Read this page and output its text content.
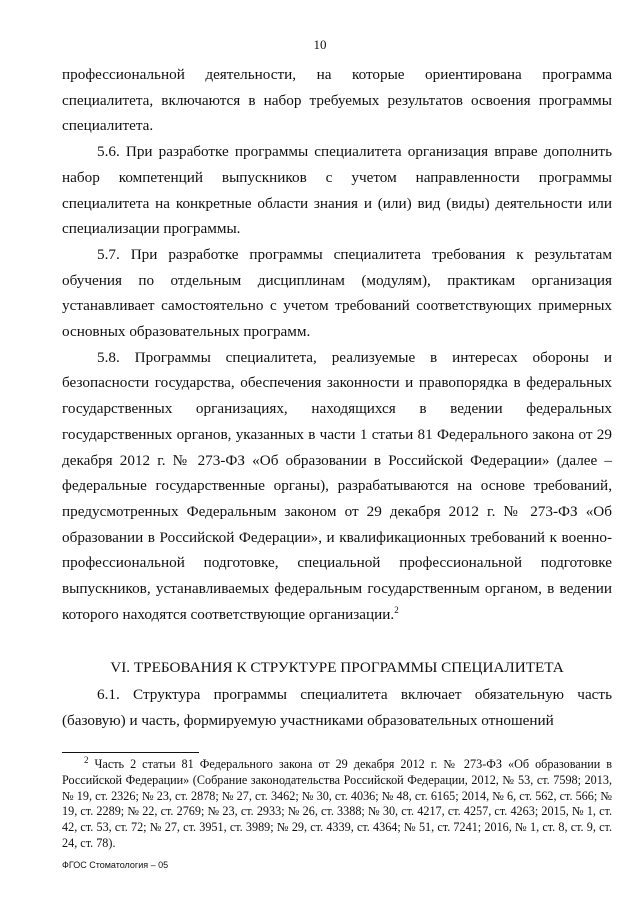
10

профессиональной деятельности, на которые ориентирована программа специалитета, включаются в набор требуемых результатов освоения программы специалитета.

5.6. При разработке программы специалитета организация вправе дополнить набор компетенций выпускников с учетом направленности программы специалитета на конкретные области знания и (или) вид (виды) деятельности или специализации программы.

5.7. При разработке программы специалитета требования к результатам обучения по отдельным дисциплинам (модулям), практикам организация устанавливает самостоятельно с учетом требований соответствующих примерных основных образовательных программ.

5.8. Программы специалитета, реализуемые в интересах обороны и безопасности государства, обеспечения законности и правопорядка в федеральных государственных организациях, находящихся в ведении федеральных государственных органов, указанных в части 1 статьи 81 Федерального закона от 29 декабря 2012 г. № 273-ФЗ «Об образовании в Российской Федерации» (далее – федеральные государственные органы), разрабатываются на основе требований, предусмотренных Федеральным законом от 29 декабря 2012 г. № 273-ФЗ «Об образовании в Российской Федерации», и квалификационных требований к военно-профессиональной подготовке, специальной профессиональной подготовке выпускников, устанавливаемых федеральным государственным органом, в ведении которого находятся соответствующие организации.$^2$

VI. ТРЕБОВАНИЯ К СТРУКТУРЕ ПРОГРАММЫ СПЕЦИАЛИТЕТА

6.1. Структура программы специалитета включает обязательную часть (базовую) и часть, формируемую участниками образовательных отношений

$^2$ Часть 2 статьи 81 Федерального закона от 29 декабря 2012 г. № 273-ФЗ «Об образовании в Российской Федерации» (Собрание законодательства Российской Федерации, 2012, № 53, ст. 7598; 2013, № 19, ст. 2326; № 23, ст. 2878; № 27, ст. 3462; № 30, ст. 4036; № 48, ст. 6165; 2014, № 6, ст. 562, ст. 566; № 19, ст. 2289; № 22, ст. 2769; № 23, ст. 2933; № 26, ст. 3388; № 30, ст. 4217, ст. 4257, ст. 4263; 2015, № 1, ст. 42, ст. 53, ст. 72; № 27, ст. 3951, ст. 3989; № 29, ст. 4339, ст. 4364; № 51, ст. 7241; 2016, № 1, ст. 8, ст. 9, ст. 24, ст. 78).

ФГОС Стоматология – 05
